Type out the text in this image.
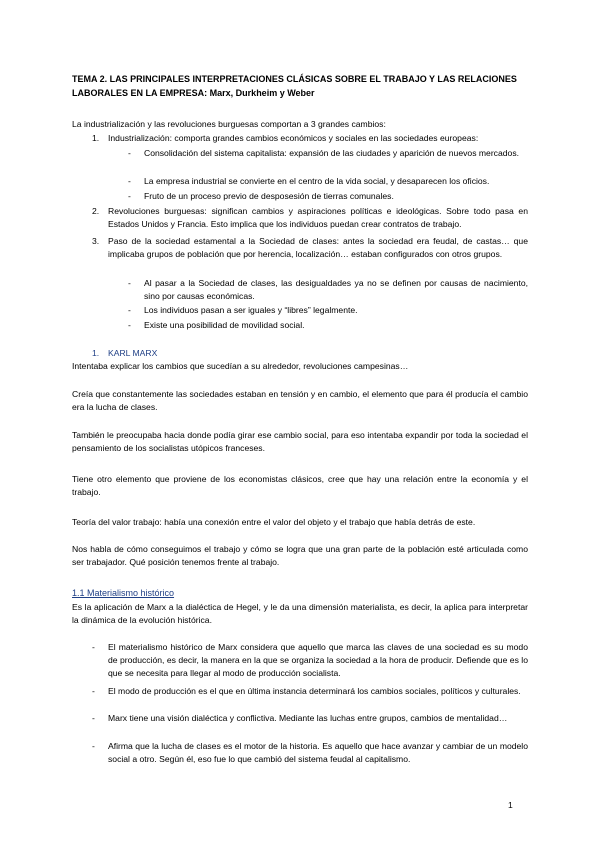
TEMA 2. LAS PRINCIPALES INTERPRETACIONES CLÁSICAS SOBRE EL TRABAJO Y LAS RELACIONES
LABORALES EN LA EMPRESA: Marx, Durkheim y Weber
La industrialización y las revoluciones burguesas comportan a 3 grandes cambios:
1.	Industrialización: comporta grandes cambios económicos y sociales en las sociedades europeas:
-	Consolidación del sistema capitalista: expansión de las ciudades y aparición de nuevos mercados.
-	La empresa industrial se convierte en el centro de la vida social, y desaparecen los oficios.
-	Fruto de un proceso previo de desposesión de tierras comunales.
2.	Revoluciones burguesas: significan cambios y aspiraciones políticas e ideológicas. Sobre todo pasa en Estados Unidos y Francia. Esto implica que los individuos puedan crear contratos de trabajo.
3.	Paso de la sociedad estamental a la Sociedad de clases: antes la sociedad era feudal, de castas… que implicaba grupos de población que por herencia, localización… estaban configurados con otros grupos.
-	Al pasar a la Sociedad de clases, las desigualdades ya no se definen por causas de nacimiento, sino por causas económicas.
-	Los individuos pasan a ser iguales y “libres” legalmente.
-	Existe una posibilidad de movilidad social.
1.	KARL MARX
Intentaba explicar los cambios que sucedían a su alrededor, revoluciones campesinas…
Creía que constantemente las sociedades estaban en tensión y en cambio, el elemento que para él producía el cambio era la lucha de clases.
También le preocupaba hacia donde podía girar ese cambio social, para eso intentaba expandir por toda la sociedad el pensamiento de los socialistas utópicos franceses.
Tiene otro elemento que proviene de los economistas clásicos, cree que hay una relación entre la economía y el trabajo.
Teoría del valor trabajo: había una conexión entre el valor del objeto y el trabajo que había detrás de este.
Nos habla de cómo conseguimos el trabajo y cómo se logra que una gran parte de la población esté articulada como ser trabajador. Qué posición tenemos frente al trabajo.
1.1 Materialismo histórico
Es la aplicación de Marx a la dialéctica de Hegel, y le da una dimensión materialista, es decir, la aplica para interpretar la dinámica de la evolución histórica.
-	El materialismo histórico de Marx considera que aquello que marca las claves de una sociedad es su modo de producción, es decir, la manera en la que se organiza la sociedad a la hora de producir. Defiende que es lo que se necesita para llegar al modo de producción socialista.
-	El modo de producción es el que en última instancia determinará los cambios sociales, políticos y culturales.
-	Marx tiene una visión dialéctica y conflictiva. Mediante las luchas entre grupos, cambios de mentalidad…
-	Afirma que la lucha de clases es el motor de la historia. Es aquello que hace avanzar y cambiar de un modelo social a otro. Según él, eso fue lo que cambió del sistema feudal al capitalismo.
1
